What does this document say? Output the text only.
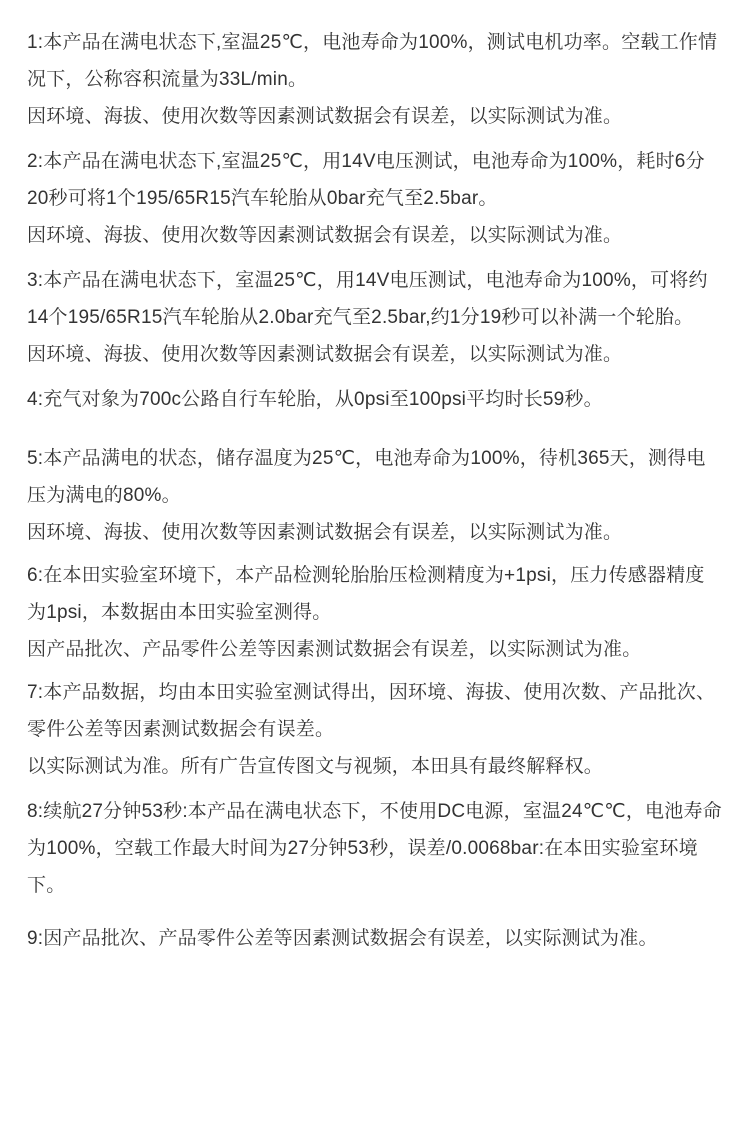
1:本产品在满电状态下,室温25℃，电池寿命为100%，测试电机功率。空载工作情况下，公称容积流量为33L/min。
因环境、海拔、使用次数等因素测试数据会有误差，以实际测试为准。
2:本产品在满电状态下,室温25℃，用14V电压测试，电池寿命为100%，耗时6分20秒可将1个195/65R15汽车轮胎从0bar充气至2.5bar。
因环境、海拔、使用次数等因素测试数据会有误差，以实际测试为准。
3:本产品在满电状态下，室温25℃，用14V电压测试，电池寿命为100%，可将约14个195/65R15汽车轮胎从2.0bar充气至2.5bar,约1分19秒可以补满一个轮胎。
因环境、海拔、使用次数等因素测试数据会有误差，以实际测试为准。
4:充气对象为700c公路自行车轮胎，从0psi至100psi平均时长59秒。
5:本产品满电的状态，储存温度为25℃，电池寿命为100%，待机365天，测得电压为满电的80%。
因环境、海拔、使用次数等因素测试数据会有误差，以实际测试为准。
6:在本田实验室环境下，本产品检测轮胎胎压检测精度为+1psi，压力传感器精度为1psi，本数据由本田实验室测得。
因产品批次、产品零件公差等因素测试数据会有误差，以实际测试为准。
7:本产品数据，均由本田实验室测试得出，因环境、海拔、使用次数、产品批次、零件公差等因素测试数据会有误差。
以实际测试为准。所有广告宣传图文与视频，本田具有最终解释权。
8:续航27分钟53秒:本产品在满电状态下，不使用DC电源，室温24℃℃，电池寿命为100%，空载工作最大时间为27分钟53秒，误差/0.0068bar:在本田实验室环境下。
9:因产品批次、产品零件公差等因素测试数据会有误差，以实际测试为准。
